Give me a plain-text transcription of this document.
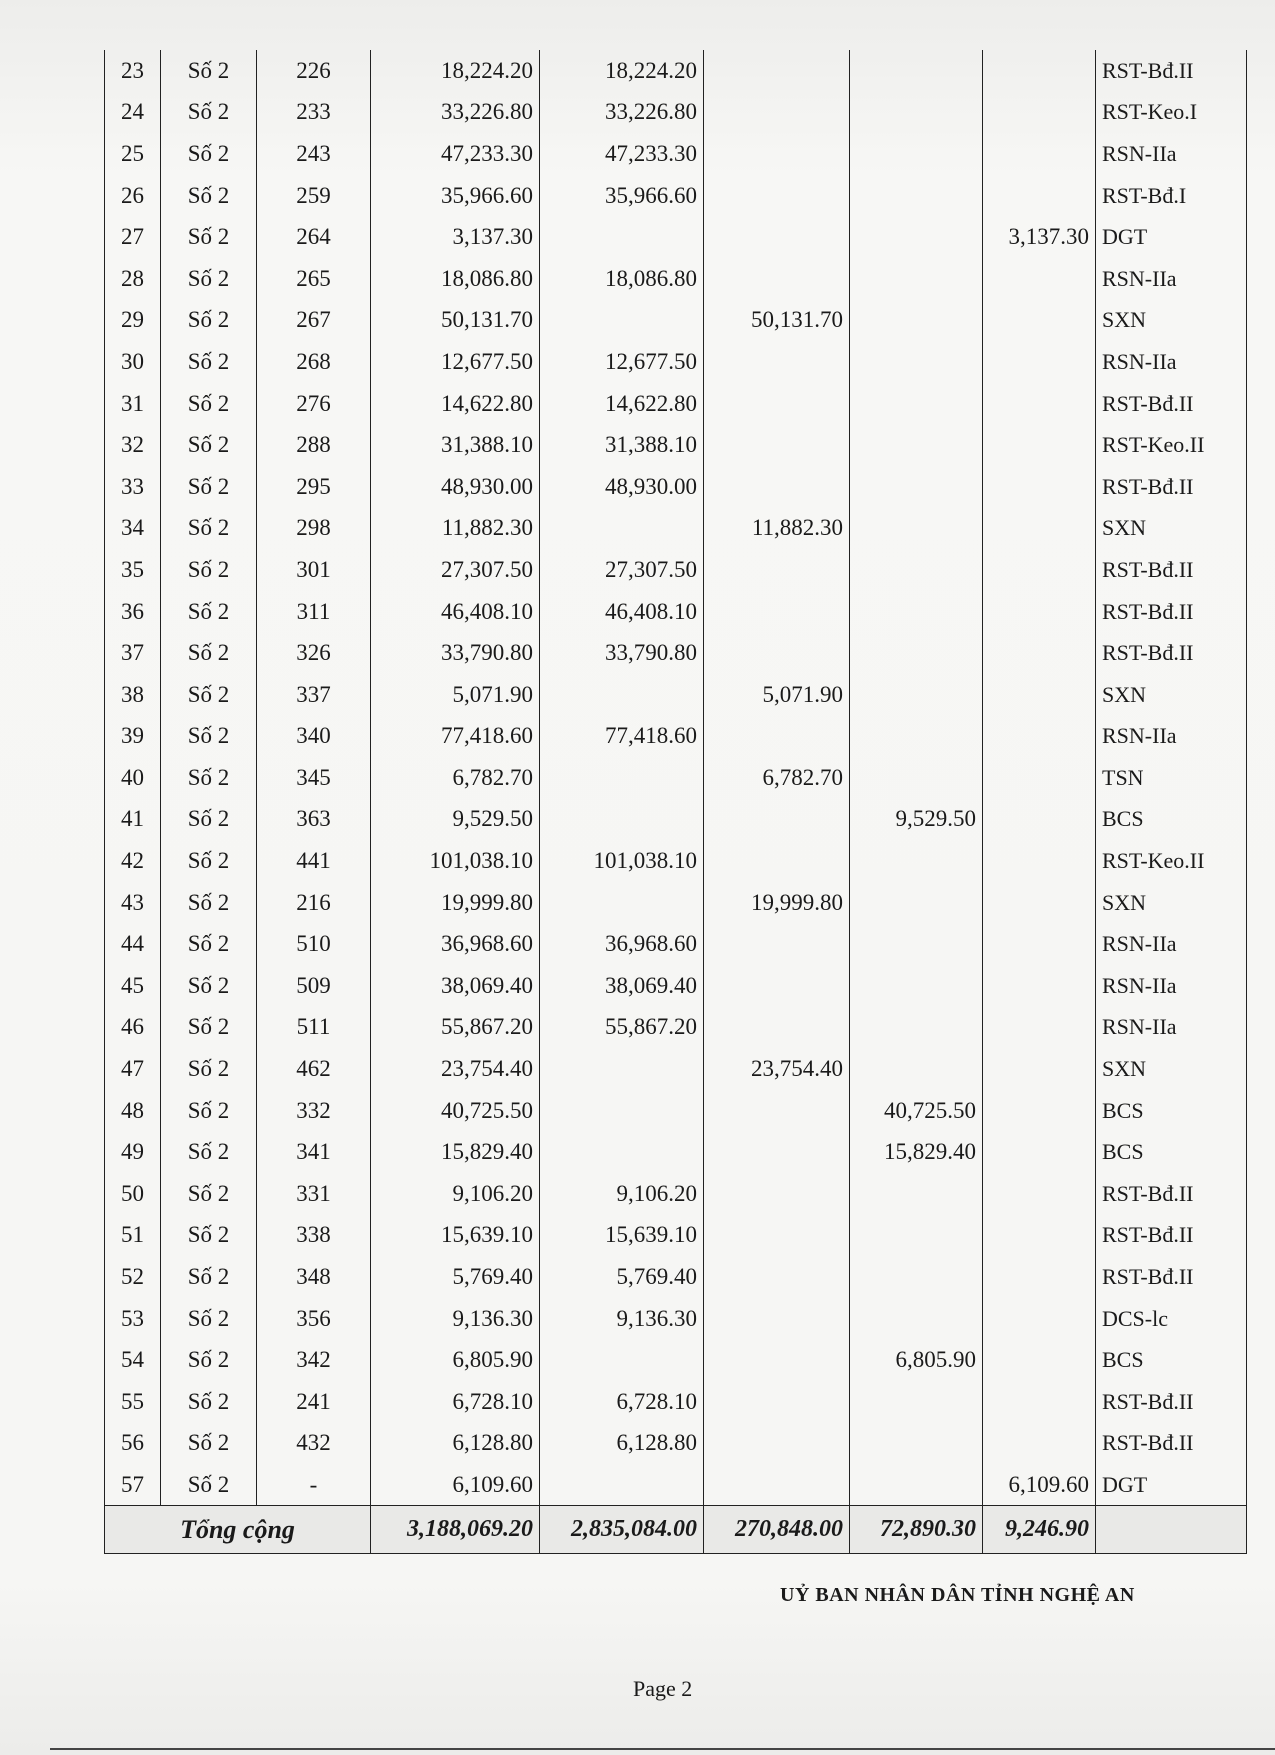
23	Số 2	226	18,224.20	18,224.20				RST-Bđ.II
24	Số 2	233	33,226.80	33,226.80				RST-Keo.I
25	Số 2	243	47,233.30	47,233.30				RSN-IIa
26	Số 2	259	35,966.60	35,966.60				RST-Bđ.I
27	Số 2	264	3,137.30				3,137.30	DGT
28	Số 2	265	18,086.80	18,086.80				RSN-IIa
29	Số 2	267	50,131.70		50,131.70			SXN
30	Số 2	268	12,677.50	12,677.50				RSN-IIa
31	Số 2	276	14,622.80	14,622.80				RST-Bđ.II
32	Số 2	288	31,388.10	31,388.10				RST-Keo.II
33	Số 2	295	48,930.00	48,930.00				RST-Bđ.II
34	Số 2	298	11,882.30		11,882.30			SXN
35	Số 2	301	27,307.50	27,307.50				RST-Bđ.II
36	Số 2	311	46,408.10	46,408.10				RST-Bđ.II
37	Số 2	326	33,790.80	33,790.80				RST-Bđ.II
38	Số 2	337	5,071.90		5,071.90			SXN
39	Số 2	340	77,418.60	77,418.60				RSN-IIa
40	Số 2	345	6,782.70		6,782.70			TSN
41	Số 2	363	9,529.50			9,529.50		BCS
42	Số 2	441	101,038.10	101,038.10				RST-Keo.II
43	Số 2	216	19,999.80		19,999.80			SXN
44	Số 2	510	36,968.60	36,968.60				RSN-IIa
45	Số 2	509	38,069.40	38,069.40				RSN-IIa
46	Số 2	511	55,867.20	55,867.20				RSN-IIa
47	Số 2	462	23,754.40		23,754.40			SXN
48	Số 2	332	40,725.50			40,725.50		BCS
49	Số 2	341	15,829.40			15,829.40		BCS
50	Số 2	331	9,106.20	9,106.20				RST-Bđ.II
51	Số 2	338	15,639.10	15,639.10				RST-Bđ.II
52	Số 2	348	5,769.40	5,769.40				RST-Bđ.II
53	Số 2	356	9,136.30	9,136.30				DCS-lc
54	Số 2	342	6,805.90			6,805.90		BCS
55	Số 2	241	6,728.10	6,728.10				RST-Bđ.II
56	Số 2	432	6,128.80	6,128.80				RST-Bđ.II
57	Số 2	-	6,109.60				6,109.60	DGT
Tổng cộng			3,188,069.20	2,835,084.00	270,848.00	72,890.30	9,246.90	
UỶ BAN NHÂN DÂN TỈNH NGHỆ AN
Page 2
